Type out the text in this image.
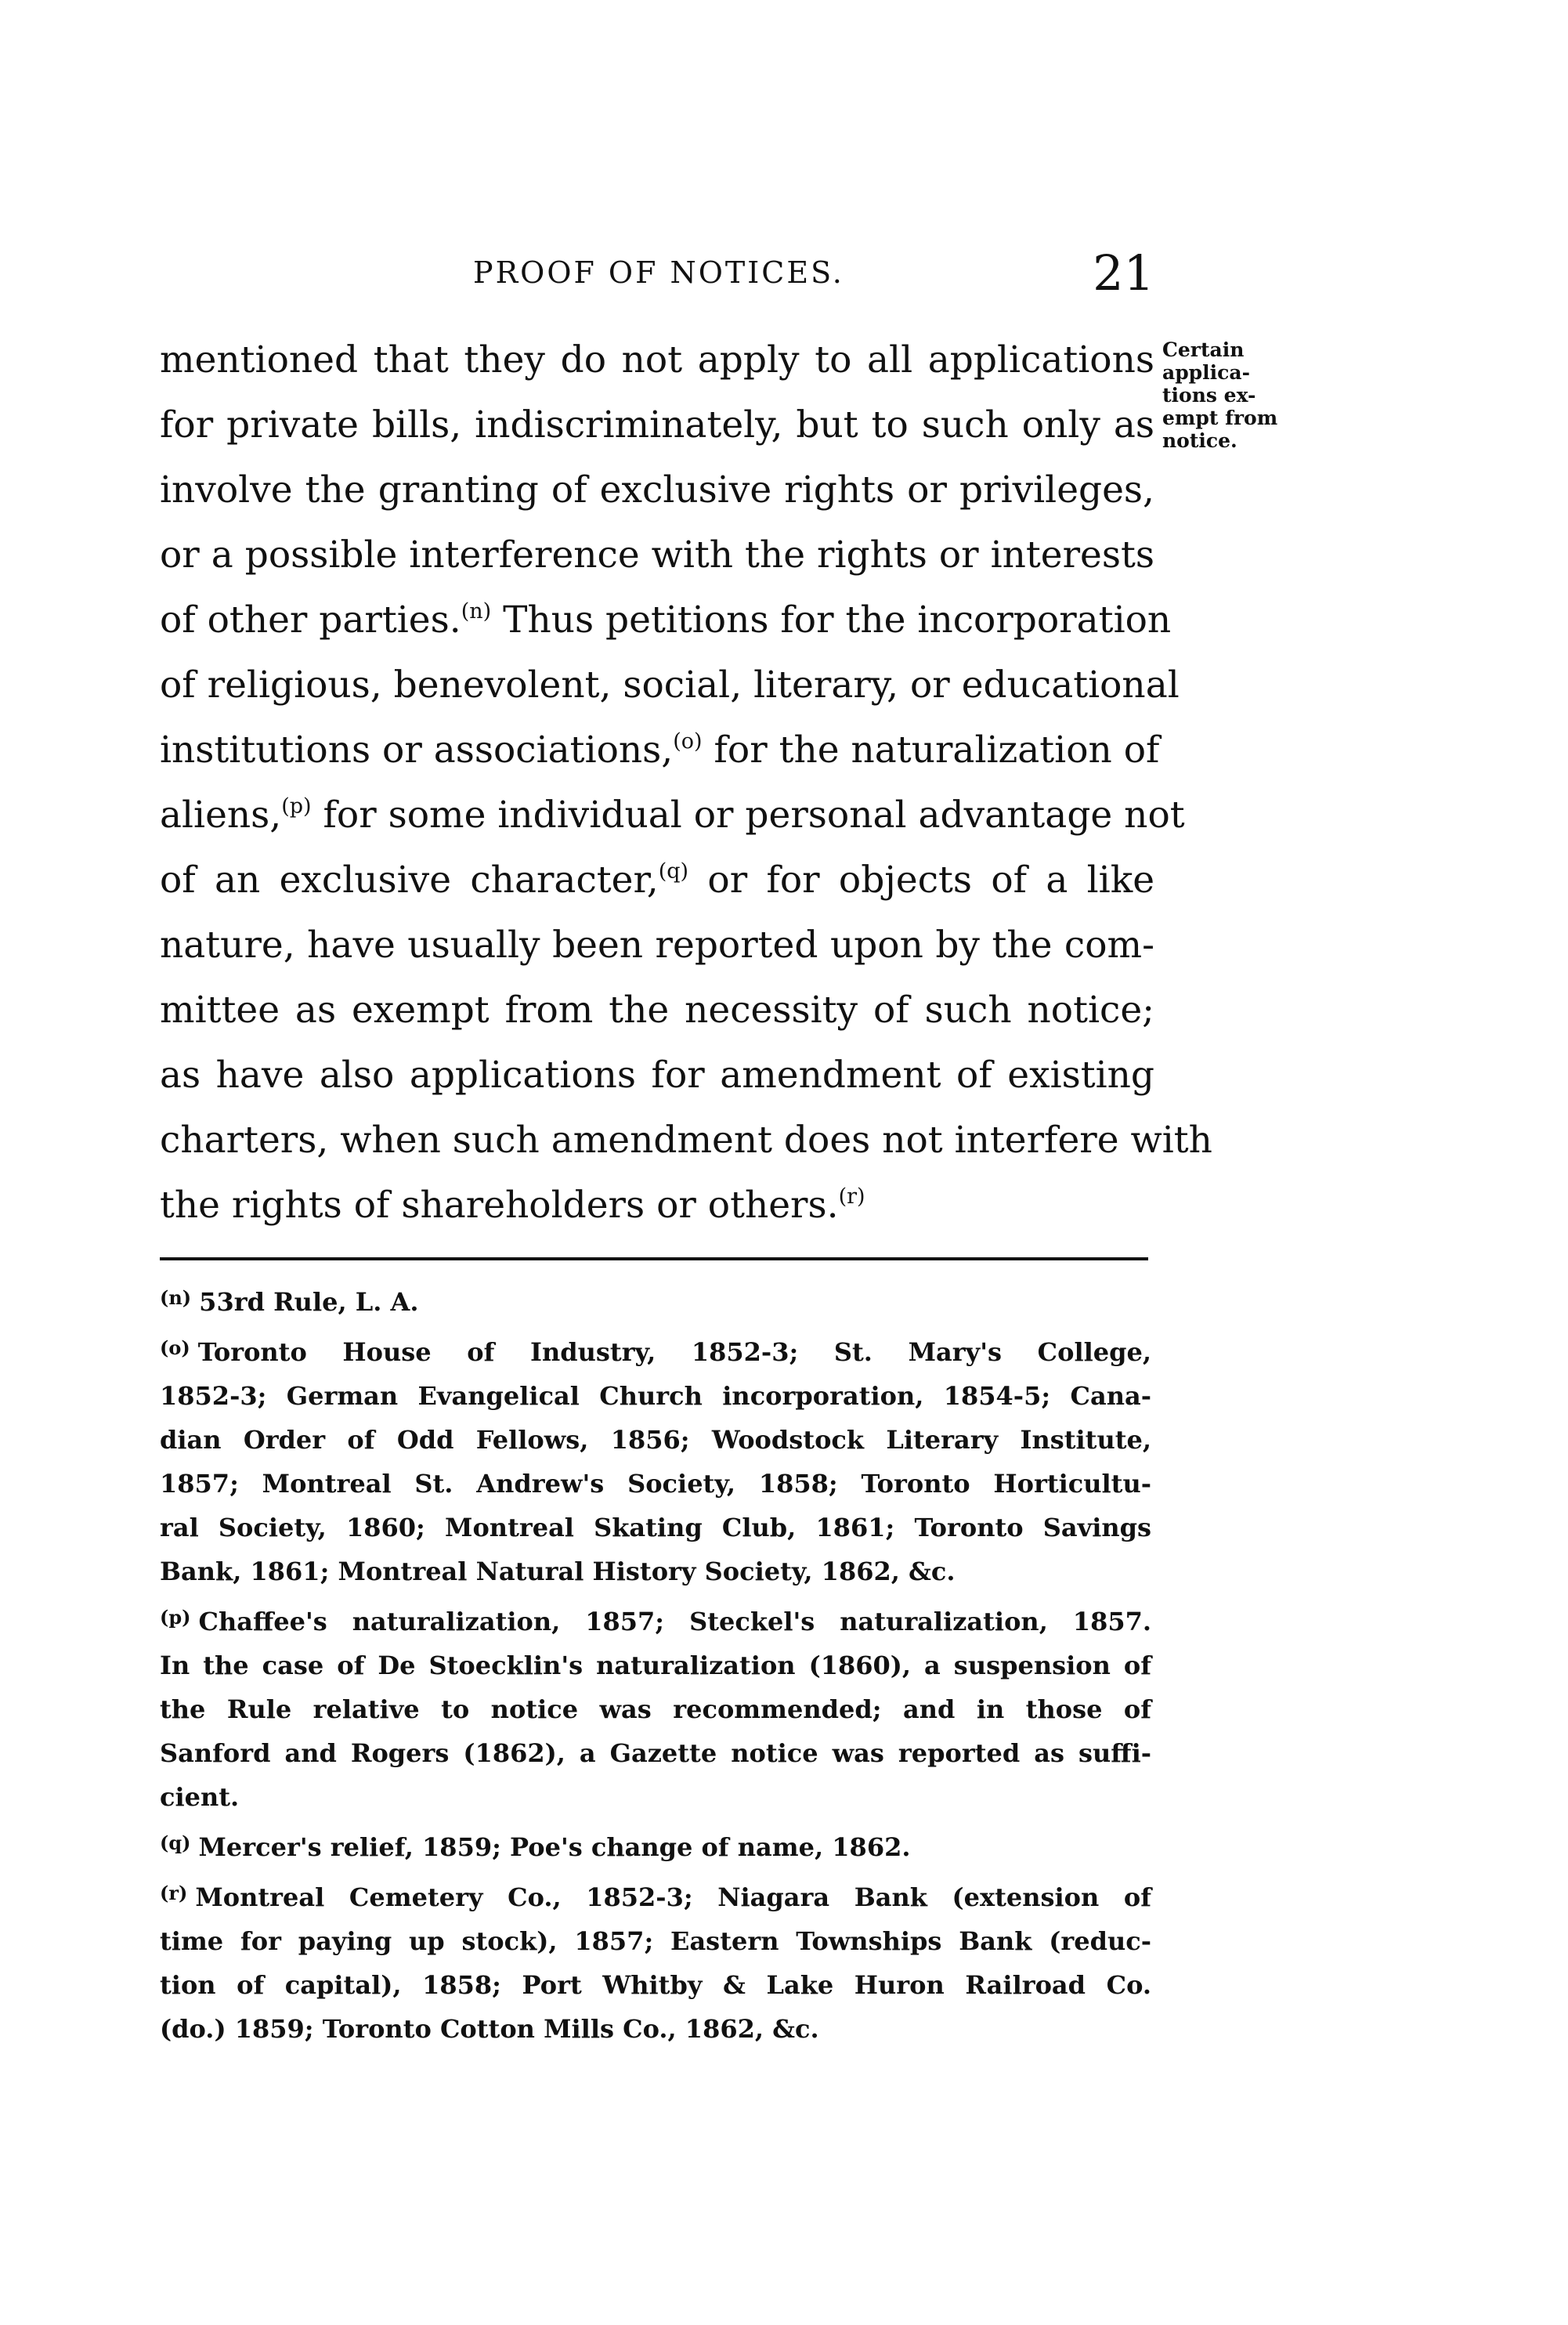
PROOF OF NOTICES.	21
Certain
applica-
tions ex-
empt from
notice.
mentioned that they do not apply to all applications
for private bills, indiscriminately, but to such only as
involve the granting of exclusive rights or privileges,
or a possible interference with the rights or interests
of other parties.$^{(n)}$ Thus petitions for the incorporation
of religious, benevolent, social, literary, or educational
institutions or associations,$^{(o)}$ for the naturalization of
aliens,$^{(p)}$ for some individual or personal advantage not
of an exclusive character,$^{(q)}$ or for objects of a like
nature, have usually been reported upon by the com-
mittee as exempt from the necessity of such notice;
as have also applications for amendment of existing
charters, when such amendment does not interfere with
the rights of shareholders or others.$^{(r)}$
$^{(n)}$ 53rd Rule, L. A.
$^{(o)}$ Toronto House of Industry, 1852-3; St. Mary's College,
1852-3; German Evangelical Church incorporation, 1854-5; Cana-
dian Order of Odd Fellows, 1856; Woodstock Literary Institute,
1857; Montreal St. Andrew's Society, 1858; Toronto Horticultu-
ral Society, 1860; Montreal Skating Club, 1861; Toronto Savings
Bank, 1861; Montreal Natural History Society, 1862, &c.
$^{(p)}$ Chaffee's naturalization, 1857; Steckel's naturalization, 1857.
In the case of De Stoecklin's naturalization (1860), a suspension of
the Rule relative to notice was recommended; and in those of
Sanford and Rogers (1862), a Gazette notice was reported as suffi-
cient.
$^{(q)}$ Mercer's relief, 1859; Poe's change of name, 1862.
$^{(r)}$ Montreal Cemetery Co., 1852-3; Niagara Bank (extension of
time for paying up stock), 1857; Eastern Townships Bank (reduc-
tion of capital), 1858; Port Whitby & Lake Huron Railroad Co.
(do.) 1859; Toronto Cotton Mills Co., 1862, &c.
